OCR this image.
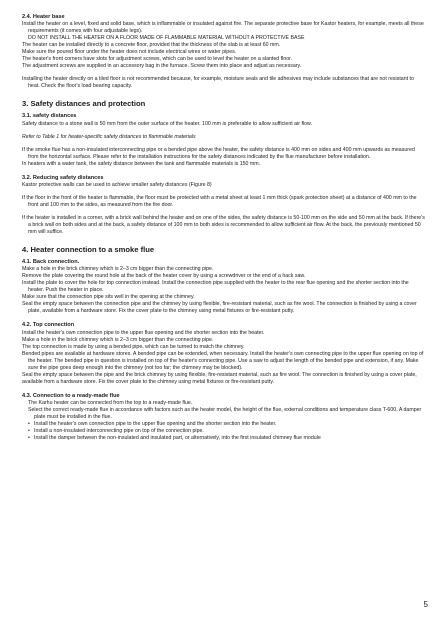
2.4. Heater base

Install the heater on a level, fixed and solid base, which is inflammable or insulated against fire. The separate protective base for Kastor heaters, for example, meets all these requirements (it comes with four adjustable legs).

DO NOT INSTALL THE HEATER ON A FLOOR MADE OF FLAMMABLE MATERIAL WITHOUT A PROTECTIVE BASE

The heater can be installed directly to a concrete floor, provided that the thickness of the slab is at least 60 mm.

Make sure the poured floor under the heater does not include electrical wires or water pipes.

The heater's front corners have slots for adjustment screws, which can be used to level the heater on a slanted floor.

The adjustment screws are supplied in an accessory bag in the furnace. Screw them into place and adjust as necessary.

Installing the heater directly on a tiled floor is not recommended because, for example, moisture seals and tile adhesives may include substances that are not resistant to heat. Check the floor's load bearing capacity.

3. Safety distances and protection
3.1. safety distances

Safety distance to a stone wall is 50 mm from the outer surface of the heater. 100 mm is preferable to allow sufficient air flow.

Refer to Table 1 for heater-specific safety distances to flammable materials

If the smoke flue has a non-insulated interconnecting pipe or a bended pipe above the heater, the safety distance is 400 mm on sides and 400 mm upwards as measured from the horizontal surface. Please refer to the installation instructions for the safety distances indicated by the flue manufacturer before installation.

In heaters with a water tank, the safety distance between the tank and flammable materials is 150 mm.

3.2. Reducing safety distances

Kastor protective walls can be used to achieve smaller safety distances (Figure 8)

If the floor in the front of the heater is flammable, the floor must be protected with a metal sheet at least 1 mm thick (spark protection sheet) at a distance of 400 mm to the front and 100 mm to the sides, as measured from the fire door.

If the heater is installed in a corner, with a brick wall behind the heater and on one of the sides, the safety distance is 50-100 mm on the side and 50 mm at the back. If there's a brick wall on both sides and at the back, a safety distance of 100 mm to both sides is recommended to allow sufficient air flow. At the back, the previously mentioned 50 mm will suffice.

4. Heater connection to a smoke flue
4.1. Back connection.

Make a hole in the brick chimney which is 2–3 cm bigger than the connecting pipe.

Remove the plate covering the round hole at the back of the heater cover by using a screwdriver or the end of a hack saw.

Install the plate to cover the hole for top connection instead. Install the connection pipe supplied with the heater to the rear flue opening and the shorter section into the heater. Push the heater in place.

Make sure that the connection pipe sits well in the opening at the chimney.

Seal the empty space between the connection pipe and the chimney by using flexible, fire-resistant material, such as fire wool. The connection is finished by using a cover plate, available from a hardware store. Fix the cover plate to the chimney using metal fixtures or fire-resistant putty.

4.2. Top connection

Install the heater's own connection pipe to the upper flue opening and the shorter section into the heater.

Make a hole in the brick chimney which is 2–3 cm bigger than the connecting pipe.

The top connection is made by using a bended pipe, which can be turned to match the chimney.

Bended pipes are available at hardware stores. A bended pipe can be extended, when necessary. Install the heater's own connecting pipe to the upper flue opening on top of the heater. The bended pipe in question is installed on top of the heater's connecting pipe. Use a saw to adjust the length of the bended pipe and extension, if any. Make sure the pipe goes deep enough into the chimney (not too far; the chimney may be blocked).

Seal the empty space between the pipe and the brick chimney by using flexible, fire-resistant material, such as fire wool. The connection is finished by using a cover plate, available from a hardware store. Fix the cover plate to the chimney using metal fixtures or fire-resistant putty.

4.3. Connection to a ready-made flue

The Karhu heater can be connected from the top to a ready-made flue.

Select the correct ready-made flue in accordance with factors such as the heater model, the height of the flue, external conditions and temperature class T-600. A damper plate must be installed in the flue.

• Install the heater's own connection pipe to the upper flue opening and the shorter section into the heater.
• Install a non-insulated interconnecting pipe on top of the connection pipe.
• Install the damper between the non-insulated and insulated part, or alternatively, into the first insulated chimney flue module
5
